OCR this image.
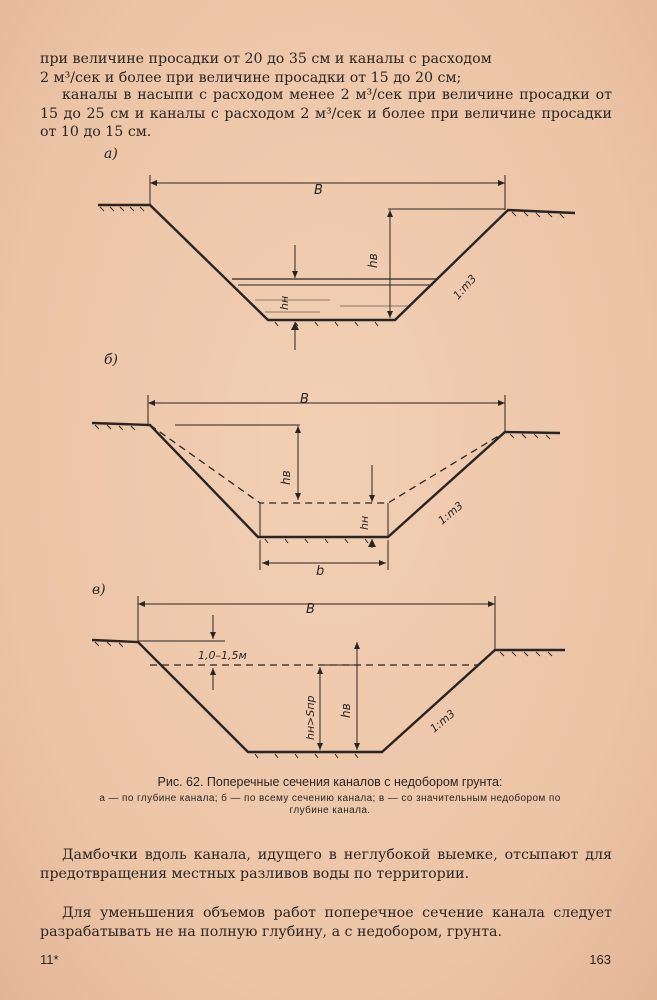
при величине просадки от 20 до 35 см и каналы с расходом
2 м³/сек и более при величине просадки от 15 до 20 см;

каналы в насыпи с расходом менее 2 м³/сек при величине просадки от 15 до 25 см и каналы с расходом 2 м³/сек и более при величине просадки от 10 до 15 см.

а)
б)
в)
B
hв
hн
1:m3
B
hв
hн	1:m3
b
B
1,0–1,5м
hн>Sпр hв	1:m3
Рис. 62. Поперечные сечения каналов с недобором грунта:
а — по глубине канала; б — по всему сечению канала; в — со значительным недобором по глубине канала.

Дамбочки вдоль канала, идущего в неглубокой выемке, отсыпают для предотвращения местных разливов воды по территории.

Для уменьшения объемов работ поперечное сечение канала следует разрабатывать не на полную глубину, а с недобором, грунта.

11*	163
